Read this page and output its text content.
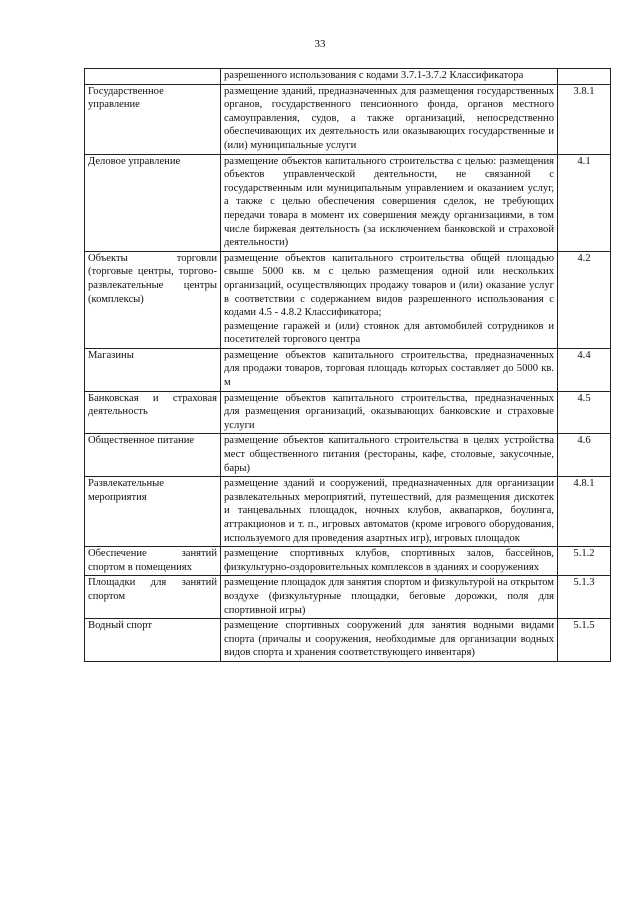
33

	разрешенного использования с кодами 3.7.1-3.7.2 Классификатора	

Государственное управление	размещение зданий, предназначенных для размещения государственных органов, государственного пенсионного фонда, органов местного самоуправления, судов, а также организаций, непосредственно обеспечивающих их деятельность или оказывающих государственные и (или) муниципальные услуги	3.8.1
Деловое управление	размещение объектов капитального строительства с целью: размещения объектов управленческой деятельности, не связанной с государственным или муниципальным управлением и оказанием услуг, а также с целью обеспечения совершения сделок, не требующих передачи товара в момент их совершения между организациями, в том числе биржевая деятельность (за исключением банковской и страховой деятельности)	4.1
Объекты торговли (торговые центры, торгово-развлекательные центры (комплексы)	размещение объектов капитального строительства общей площадью свыше 5000 кв. м с целью размещения одной или нескольких организаций, осуществляющих продажу товаров и (или) оказание услуг в соответствии с содержанием видов разрешенного использования с кодами 4.5 - 4.8.2 Классификатора;

размещение гаражей и (или) стоянок для автомобилей сотрудников и посетителей торгового центра	4.2
Магазины	размещение объектов капитального строительства, предназначенных для продажи товаров, торговая площадь которых составляет до 5000 кв. м	4.4
Банковская и страховая деятельность	размещение объектов капитального строительства, предназначенных для размещения организаций, оказывающих банковские и страховые услуги	4.5
Общественное питание	размещение объектов капитального строительства в целях устройства мест общественного питания (рестораны, кафе, столовые, закусочные, бары)	4.6
Развлекательные мероприятия	размещение зданий и сооружений, предназначенных для организации развлекательных мероприятий, путешествий, для размещения дискотек и танцевальных площадок, ночных клубов, аквапарков, боулинга, аттракционов и т. п., игровых автоматов (кроме игрового оборудования, используемого для проведения азартных игр), игровых площадок	4.8.1
Обеспечение занятий спортом в помещениях	размещение спортивных клубов, спортивных залов, бассейнов, физкультурно-оздоровительных комплексов в зданиях и сооружениях	5.1.2
Площадки для занятий спортом	размещение площадок для занятия спортом и физкультурой на открытом воздухе (физкультурные площадки, беговые дорожки, поля для спортивной игры)	5.1.3
Водный спорт	размещение спортивных сооружений для занятия водными видами спорта (причалы и сооружения, необходимые для организации водных видов спорта и хранения соответствующего инвентаря)	5.1.5
